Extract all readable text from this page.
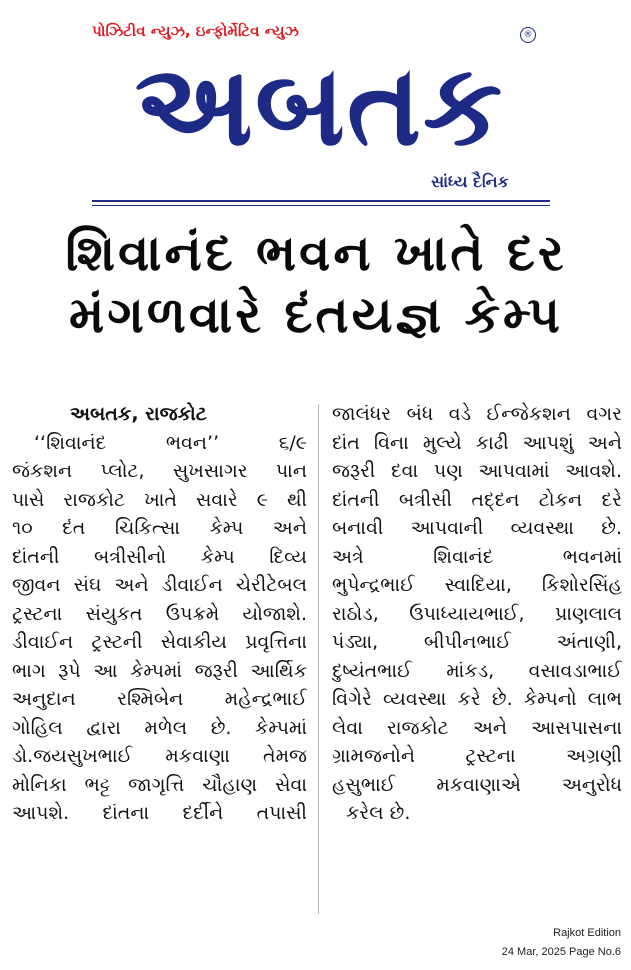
પોઝિટીવ ન્યુઝ, ઇન્ફોર્મેટિવ ન્યુઝ	®
અબતક
સાંધ્ય દૈનિક
શિવાનંદ ભવન ખાતે દર
મંગળવારે દંતયજ્ઞ કેમ્પ
અબતક, રાજકોટ
‘‘શિવાનંદ ભવન’’ ૬/૯
જંકશન પ્લોટ, સુખસાગર પાન
પાસે રાજકોટ ખાતે સવારે ૯ થી
૧૦ દંત ચિકિત્સા કેમ્પ અને
દાંતની બત્રીસીનો કેમ્પ દિવ્ય
જીવન સંઘ અને ડીવાઈન ચેરીટેબલ
ટ્રસ્ટના સંયુકત ઉપક્રમે યોજાશે.
ડીવાઈન ટ્રસ્ટની સેવાકીય પ્રવૃત્તિના
ભાગ રૂપે આ કેમ્પમાં જરૂરી આર્થિક
અનુદાન રશ્મિબેન મહેન્દ્રભાઈ
ગોહિલ દ્વારા મળેલ છે. કેમ્પમાં
ડો.જયસુખભાઈ મકવાણા તેમજ
મોનિકા ભટ્ટ જાગૃત્તિ ચૌહાણ સેવા
આપશે. દાંતના દર્દીને તપાસી
જાલંધર બંધ વડે ઈન્જેકશન વગર
દાંત વિના મુલ્યે કાઢી આપશું અને
જરૂરી દવા પણ આપવામાં આવશે.
દાંતની બત્રીસી તદ્દન ટોકન દરે
બનાવી આપવાની વ્યવસ્થા છે.
અત્રે શિવાનંદ ભવનમાં
ભુપેન્દ્રભાઈ સ્વાદિયા, કિશોરસિંહ
રાઠોડ, ઉપાધ્યાયભાઈ, પ્રાણલાલ
પંડ્યા, બીપીનભાઈ અંતાણી,
દુષ્યંતભાઈ માંકડ, વસાવડાભાઈ
વિગેરે વ્યવસ્થા કરે છે. કેમ્પનો લાભ
લેવા રાજકોટ અને આસપાસના
ગ્રામજનોને ટ્રસ્ટના અગ્રણી
હસુભાઈ મકવાણાએ અનુરોધ
કરેલ છે.
Rajkot Edition
24 Mar, 2025 Page No.6
